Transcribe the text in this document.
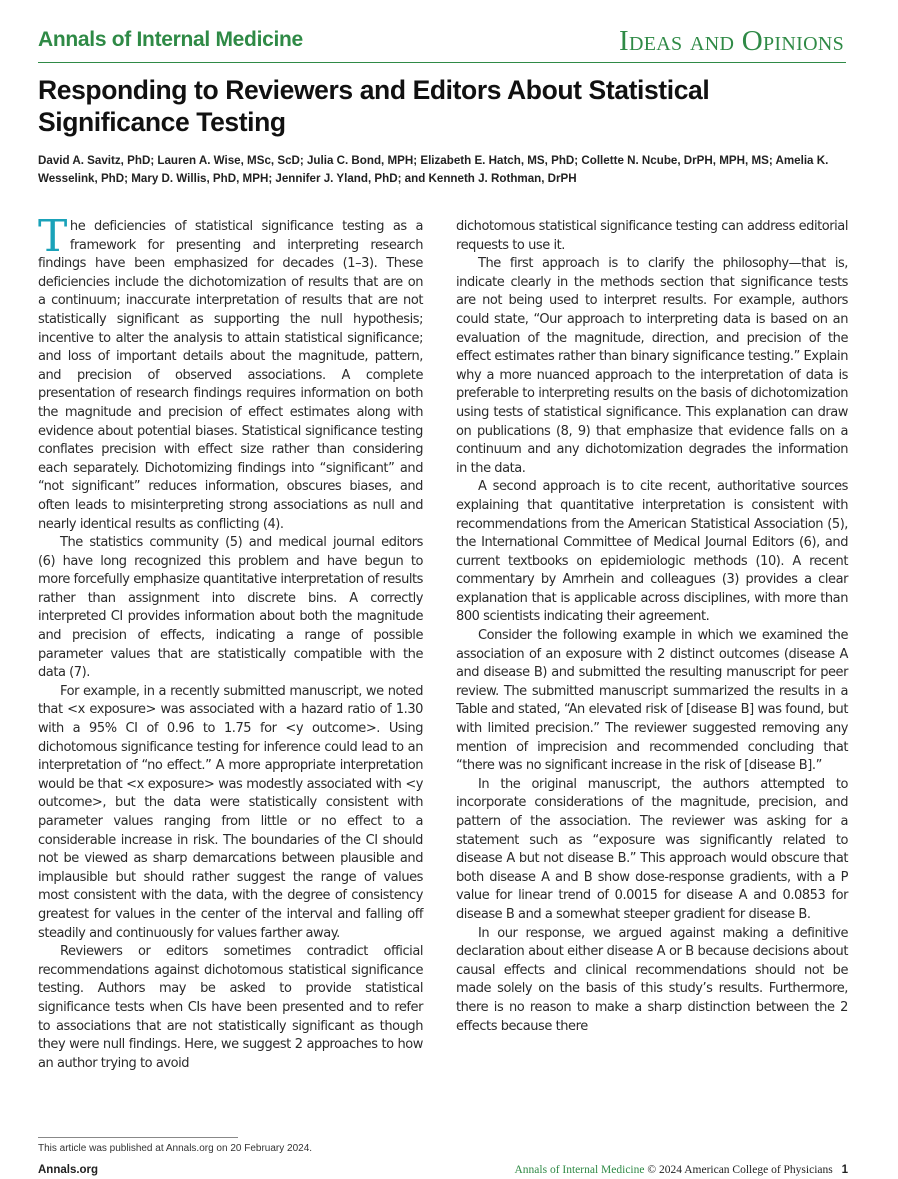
Annals of Internal Medicine	Ideas and Opinions
Responding to Reviewers and Editors About Statistical Significance Testing
David A. Savitz, PhD; Lauren A. Wise, MSc, ScD; Julia C. Bond, MPH; Elizabeth E. Hatch, MS, PhD; Collette N. Ncube, DrPH, MPH, MS; Amelia K. Wesselink, PhD; Mary D. Willis, PhD, MPH; Jennifer J. Yland, PhD; and Kenneth J. Rothman, DrPH

The deficiencies of statistical significance testing as a framework for presenting and interpreting research findings have been emphasized for decades (1–3). These deficiencies include the dichotomization of results that are on a continuum; inaccurate interpretation of results that are not statistically significant as supporting the null hypothesis; incentive to alter the analysis to attain statistical significance; and loss of important details about the magnitude, pattern, and precision of observed associations. A complete presentation of research findings requires information on both the magnitude and precision of effect estimates along with evidence about potential biases. Statistical significance testing conflates precision with effect size rather than considering each separately. Dichotomizing findings into “significant” and “not significant” reduces information, obscures biases, and often leads to misinterpreting strong associations as null and nearly identical results as conflicting (4).

The statistics community (5) and medical journal editors (6) have long recognized this problem and have begun to more forcefully emphasize quantitative interpretation of results rather than assignment into discrete bins. A correctly interpreted CI provides information about both the magnitude and precision of effects, indicating a range of possible parameter values that are statistically compatible with the data (7).

For example, in a recently submitted manuscript, we noted that <x exposure> was associated with a hazard ratio of 1.30 with a 95% CI of 0.96 to 1.75 for <y outcome>. Using dichotomous significance testing for inference could lead to an interpretation of “no effect.” A more appropriate interpretation would be that <x exposure> was modestly associated with <y outcome>, but the data were statistically consistent with parameter values ranging from little or no effect to a considerable increase in risk. The boundaries of the CI should not be viewed as sharp demarcations between plausible and implausible but should rather suggest the range of values most consistent with the data, with the degree of consistency greatest for values in the center of the interval and falling off steadily and continuously for values farther away.

Reviewers or editors sometimes contradict official recommendations against dichotomous statistical significance testing. Authors may be asked to provide statistical significance tests when CIs have been presented and to refer to associations that are not statistically significant as though they were null findings. Here, we suggest 2 approaches to how an author trying to avoid

dichotomous statistical significance testing can address editorial requests to use it.

The first approach is to clarify the philosophy—that is, indicate clearly in the methods section that significance tests are not being used to interpret results. For example, authors could state, “Our approach to interpreting data is based on an evaluation of the magnitude, direction, and precision of the effect estimates rather than binary significance testing.” Explain why a more nuanced approach to the interpretation of data is preferable to interpreting results on the basis of dichotomization using tests of statistical significance. This explanation can draw on publications (8, 9) that emphasize that evidence falls on a continuum and any dichotomization degrades the information in the data.

A second approach is to cite recent, authoritative sources explaining that quantitative interpretation is consistent with recommendations from the American Statistical Association (5), the International Committee of Medical Journal Editors (6), and current textbooks on epidemiologic methods (10). A recent commentary by Amrhein and colleagues (3) provides a clear explanation that is applicable across disciplines, with more than 800 scientists indicating their agreement.

Consider the following example in which we examined the association of an exposure with 2 distinct outcomes (disease A and disease B) and submitted the resulting manuscript for peer review. The submitted manuscript summarized the results in a Table and stated, “An elevated risk of [disease B] was found, but with limited precision.” The reviewer suggested removing any mention of imprecision and recommended concluding that “there was no significant increase in the risk of [disease B].”

In the original manuscript, the authors attempted to incorporate considerations of the magnitude, precision, and pattern of the association. The reviewer was asking for a statement such as “exposure was significantly related to disease A but not disease B.” This approach would obscure that both disease A and B show dose-response gradients, with a P value for linear trend of 0.0015 for disease A and 0.0853 for disease B and a somewhat steeper gradient for disease B.

In our response, we argued against making a definitive declaration about either disease A or B because decisions about causal effects and clinical recommendations should not be made solely on the basis of this study’s results. Furthermore, there is no reason to make a sharp distinction between the 2 effects because there

This article was published at Annals.org on 20 February 2024.
Annals.org	Annals of Internal Medicine © 2024 American College of Physicians 1
